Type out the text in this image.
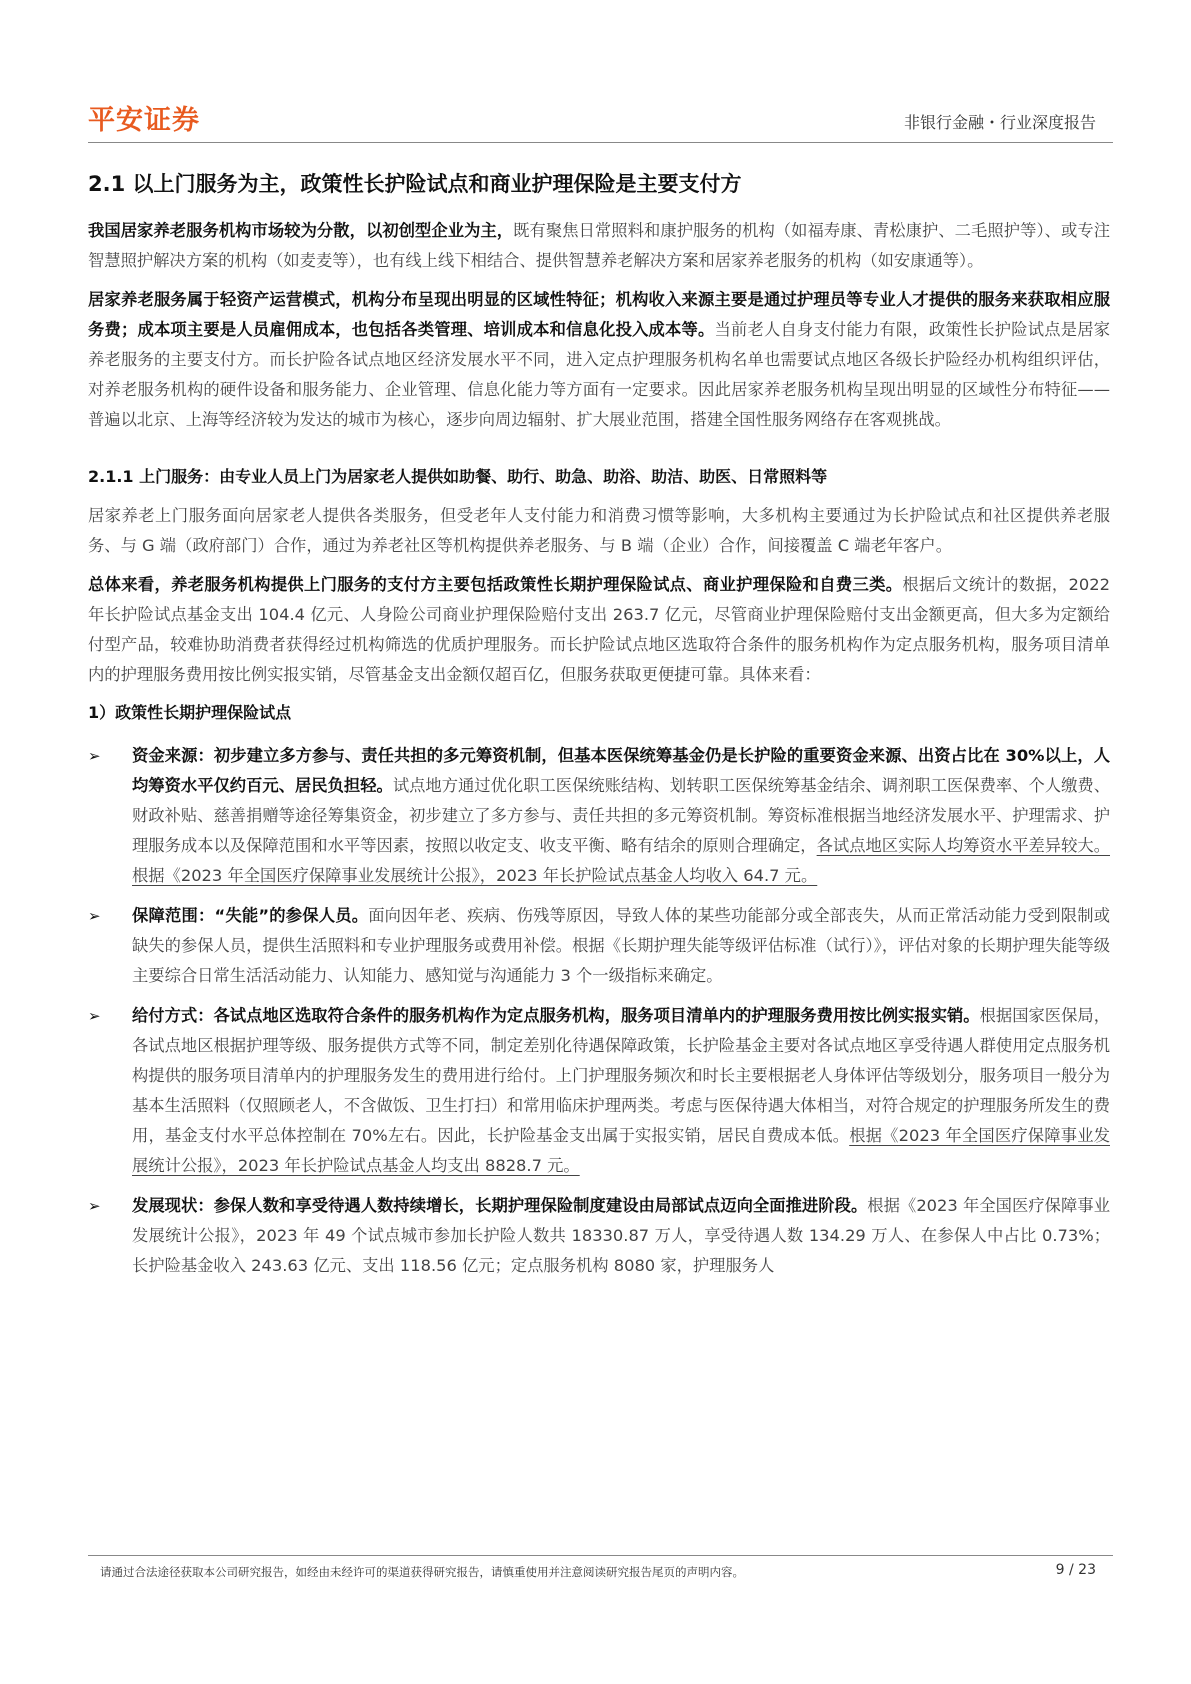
平安证券	非银行金融・行业深度报告
2.1 以上门服务为主，政策性长护险试点和商业护理保险是主要支付方

我国居家养老服务机构市场较为分散，以初创型企业为主，既有聚焦日常照料和康护服务的机构（如福寿康、青松康护、二毛照护等）、或专注智慧照护解决方案的机构（如麦麦等），也有线上线下相结合、提供智慧养老解决方案和居家养老服务的机构（如安康通等）。

居家养老服务属于轻资产运营模式，机构分布呈现出明显的区域性特征；机构收入来源主要是通过护理员等专业人才提供的服务来获取相应服务费；成本项主要是人员雇佣成本，也包括各类管理、培训成本和信息化投入成本等。当前老人自身支付能力有限，政策性长护险试点是居家养老服务的主要支付方。而长护险各试点地区经济发展水平不同，进入定点护理服务机构名单也需要试点地区各级长护险经办机构组织评估，对养老服务机构的硬件设备和服务能力、企业管理、信息化能力等方面有一定要求。因此居家养老服务机构呈现出明显的区域性分布特征——普遍以北京、上海等经济较为发达的城市为核心，逐步向周边辐射、扩大展业范围，搭建全国性服务网络存在客观挑战。

2.1.1 上门服务：由专业人员上门为居家老人提供如助餐、助行、助急、助浴、助洁、助医、日常照料等

居家养老上门服务面向居家老人提供各类服务，但受老年人支付能力和消费习惯等影响，大多机构主要通过为长护险试点和社区提供养老服务、与 G 端（政府部门）合作，通过为养老社区等机构提供养老服务、与 B 端（企业）合作，间接覆盖 C 端老年客户。

总体来看，养老服务机构提供上门服务的支付方主要包括政策性长期护理保险试点、商业护理保险和自费三类。根据后文统计的数据，2022 年长护险试点基金支出 104.4 亿元、人身险公司商业护理保险赔付支出 263.7 亿元，尽管商业护理保险赔付支出金额更高，但大多为定额给付型产品，较难协助消费者获得经过机构筛选的优质护理服务。而长护险试点地区选取符合条件的服务机构作为定点服务机构，服务项目清单内的护理服务费用按比例实报实销，尽管基金支出金额仅超百亿，但服务获取更便捷可靠。具体来看：

1）政策性长期护理保险试点
➢ 资金来源：初步建立多方参与、责任共担的多元筹资机制，但基本医保统筹基金仍是长护险的重要资金来源、出资占比在 30%以上，人均筹资水平仅约百元、居民负担轻。试点地方通过优化职工医保统账结构、划转职工医保统筹基金结余、调剂职工医保费率、个人缴费、财政补贴、慈善捐赠等途径筹集资金，初步建立了多方参与、责任共担的多元筹资机制。筹资标准根据当地经济发展水平、护理需求、护理服务成本以及保障范围和水平等因素，按照以收定支、收支平衡、略有结余的原则合理确定，各试点地区实际人均筹资水平差异较大。根据《2023 年全国医疗保障事业发展统计公报》，2023 年长护险试点基金人均收入 64.7 元。

➢ 保障范围：“失能”的参保人员。面向因年老、疾病、伤残等原因，导致人体的某些功能部分或全部丧失，从而正常活动能力受到限制或缺失的参保人员，提供生活照料和专业护理服务或费用补偿。根据《长期护理失能等级评估标准（试行）》，评估对象的长期护理失能等级主要综合日常生活活动能力、认知能力、感知觉与沟通能力 3 个一级指标来确定。

➢ 给付方式：各试点地区选取符合条件的服务机构作为定点服务机构，服务项目清单内的护理服务费用按比例实报实销。根据国家医保局，各试点地区根据护理等级、服务提供方式等不同，制定差别化待遇保障政策，长护险基金主要对各试点地区享受待遇人群使用定点服务机构提供的服务项目清单内的护理服务发生的费用进行给付。上门护理服务频次和时长主要根据老人身体评估等级划分，服务项目一般分为基本生活照料（仅照顾老人，不含做饭、卫生打扫）和常用临床护理两类。考虑与医保待遇大体相当，对符合规定的护理服务所发生的费用，基金支付水平总体控制在 70%左右。因此，长护险基金支出属于实报实销，居民自费成本低。根据《2023 年全国医疗保障事业发展统计公报》，2023 年长护险试点基金人均支出 8828.7 元。

➢ 发展现状：参保人数和享受待遇人数持续增长，长期护理保险制度建设由局部试点迈向全面推进阶段。根据《2023 年全国医疗保障事业发展统计公报》，2023 年 49 个试点城市参加长护险人数共 18330.87 万人，享受待遇人数 134.29 万人、在参保人中占比 0.73%；长护险基金收入 243.63 亿元、支出 118.56 亿元；定点服务机构 8080 家，护理服务人

请通过合法途径获取本公司研究报告，如经由未经许可的渠道获得研究报告，请慎重使用并注意阅读研究报告尾页的声明内容。	9 / 23
